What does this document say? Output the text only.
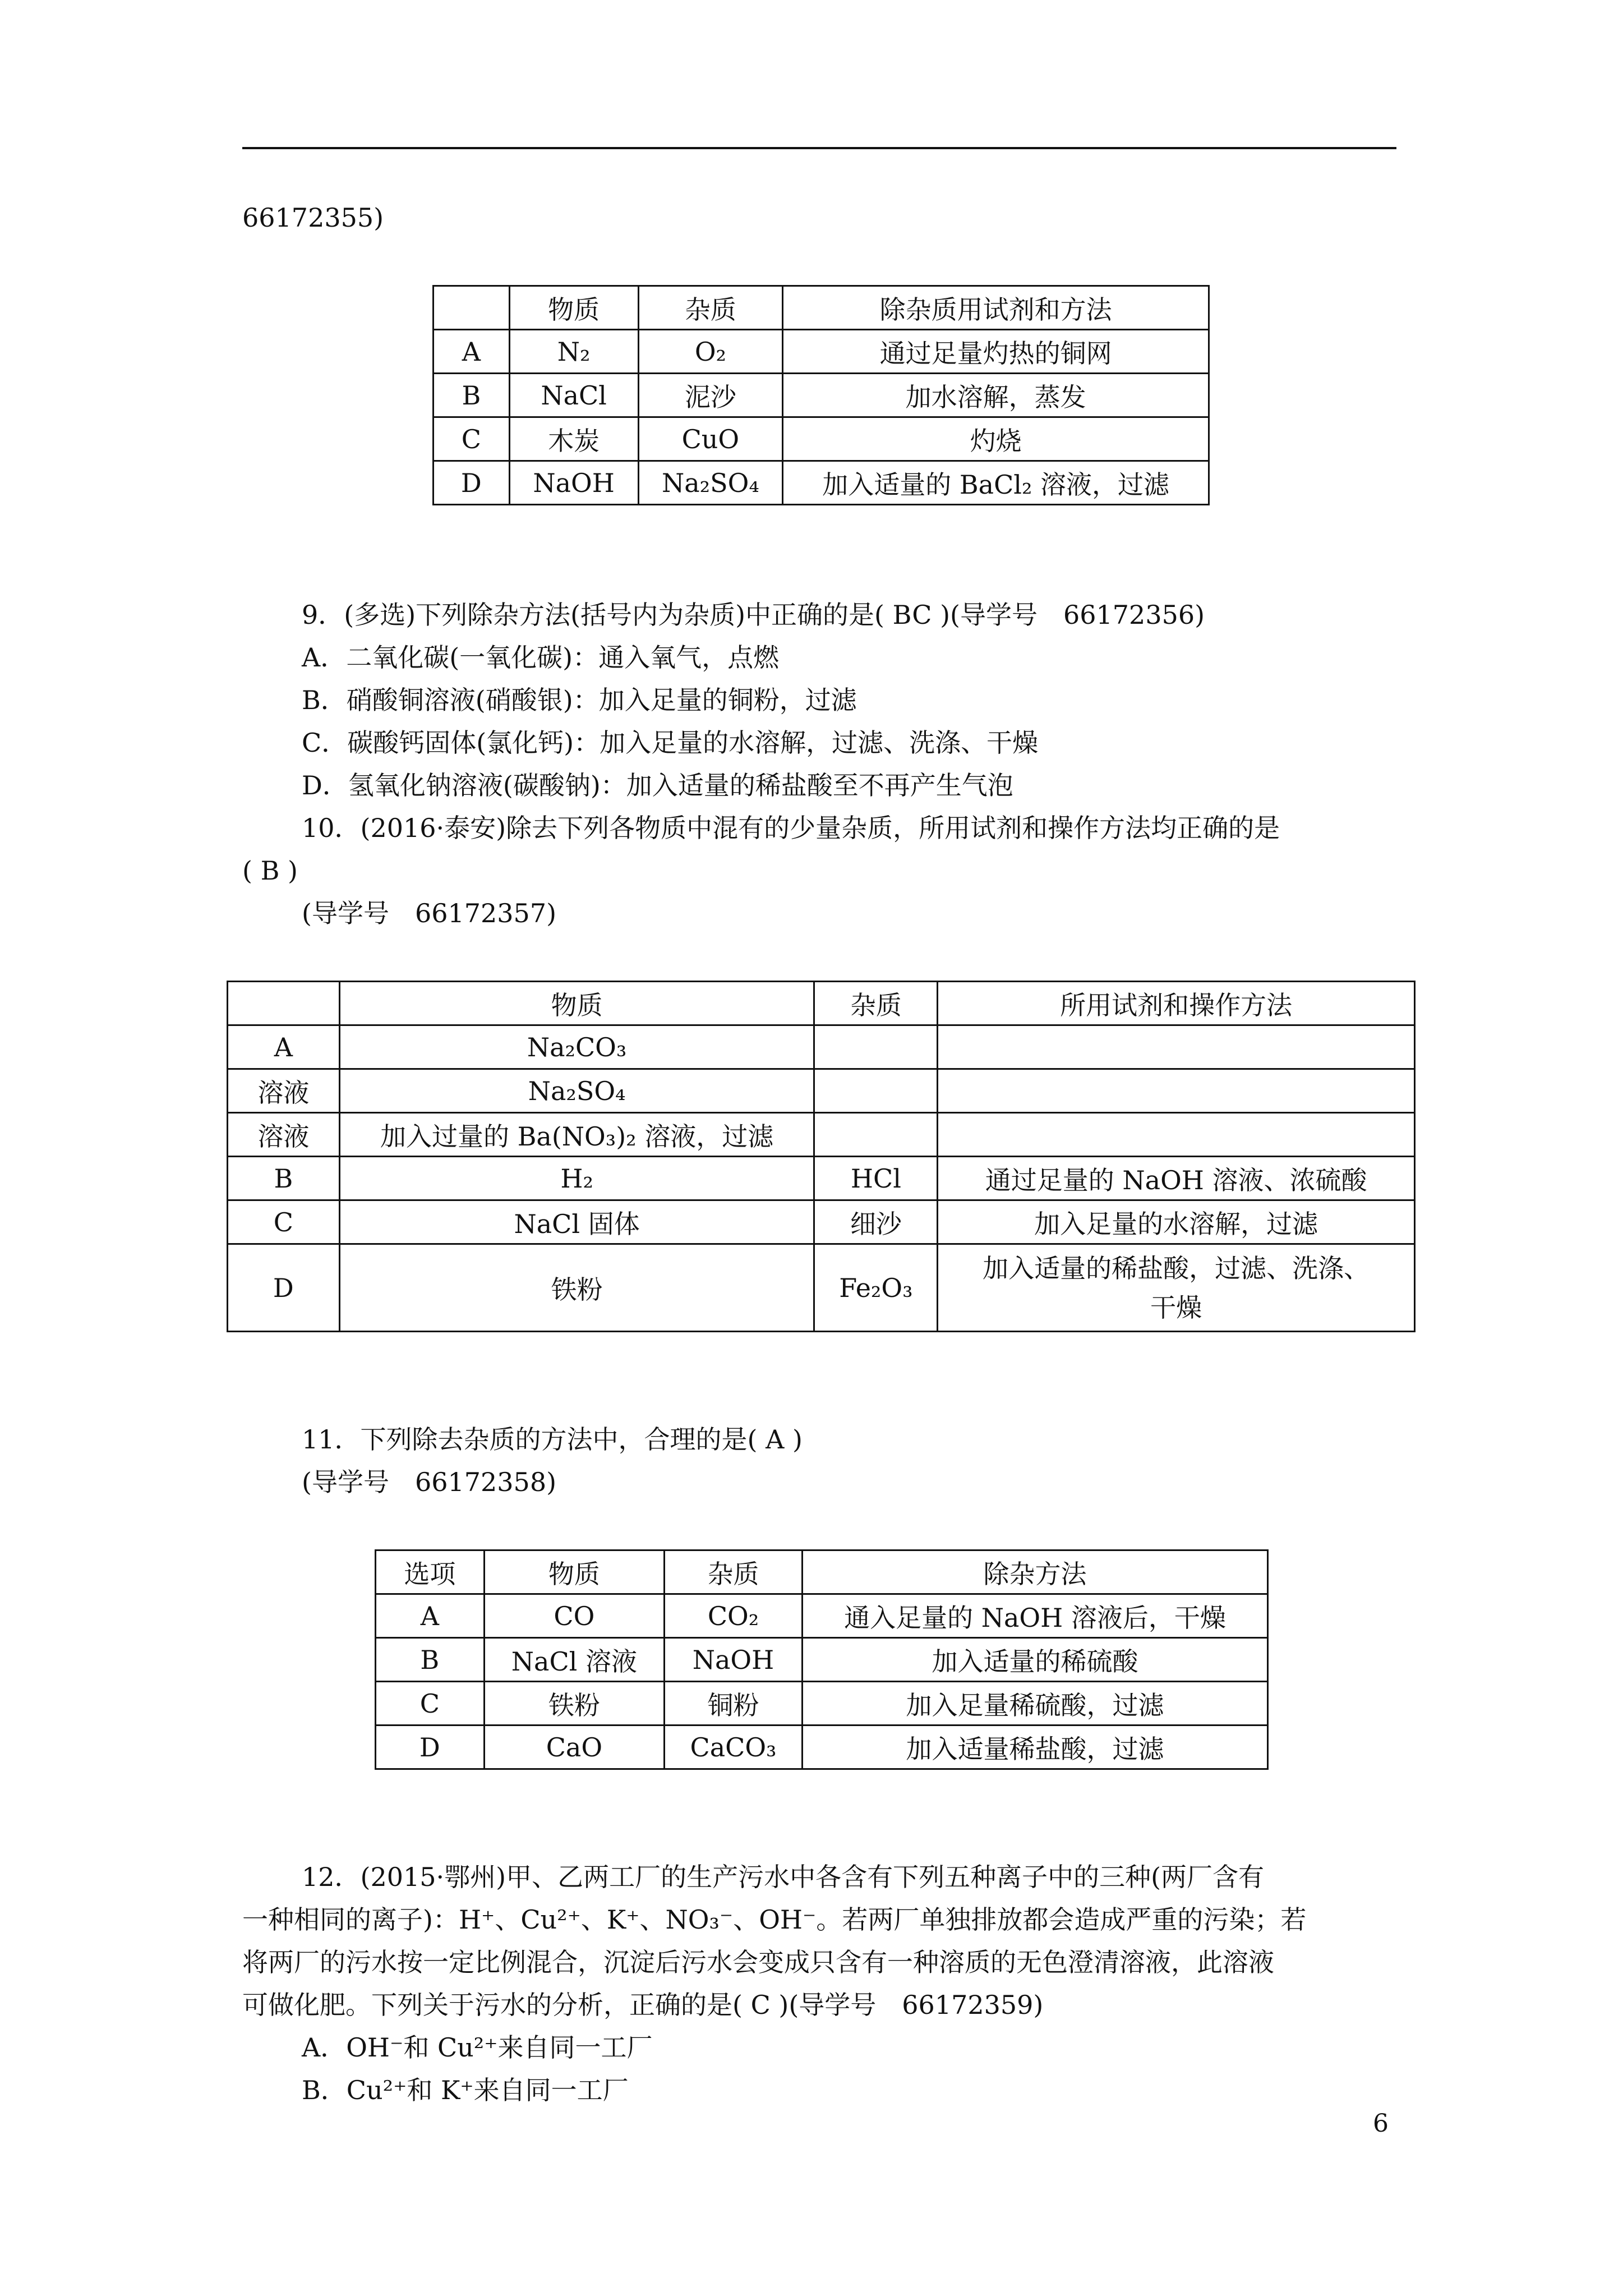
66172355)
	物质	杂质	除杂质用试剂和方法
A	N₂	O₂	通过足量灼热的铜网
B	NaCl	泥沙	加水溶解，蒸发
C	木炭	CuO	灼烧
D	NaOH	Na₂SO₄	加入适量的 BaCl₂ 溶液，过滤
9．(多选)下列除杂方法(括号内为杂质)中正确的是( BC )(导学号　66172356)
A．二氧化碳(一氧化碳)：通入氧气，点燃
B．硝酸铜溶液(硝酸银)：加入足量的铜粉，过滤
C．碳酸钙固体(氯化钙)：加入足量的水溶解，过滤、洗涤、干燥
D．氢氧化钠溶液(碳酸钠)：加入适量的稀盐酸至不再产生气泡
10．(2016·泰安)除去下列各物质中混有的少量杂质，所用试剂和操作方法均正确的是
( B )
(导学号　66172357)
	物质	杂质	所用试剂和操作方法
A	Na₂CO₃		
溶液	Na₂SO₄		
溶液	加入过量的 Ba(NO₃)₂ 溶液，过滤		
B	H₂	HCl	通过足量的 NaOH 溶液、浓硫酸
C	NaCl 固体	细沙	加入足量的水溶解，过滤
D	铁粉	Fe₂O₃	加入适量的稀盐酸，过滤、洗涤、
干燥
11．下列除去杂质的方法中，合理的是( A )
(导学号　66172358)
选项	物质	杂质	除杂方法
A	CO	CO₂	通入足量的 NaOH 溶液后，干燥
B	NaCl 溶液	NaOH	加入适量的稀硫酸
C	铁粉	铜粉	加入足量稀硫酸，过滤
D	CaO	CaCO₃	加入适量稀盐酸，过滤
12．(2015·鄂州)甲、乙两工厂的生产污水中各含有下列五种离子中的三种(两厂含有
一种相同的离子)：H⁺、Cu²⁺、K⁺、NO₃⁻、OH⁻。若两厂单独排放都会造成严重的污染；若
将两厂的污水按一定比例混合，沉淀后污水会变成只含有一种溶质的无色澄清溶液，此溶液
可做化肥。下列关于污水的分析，正确的是( C )(导学号　66172359)
A．OH⁻和 Cu²⁺来自同一工厂
B．Cu²⁺和 K⁺来自同一工厂
6
